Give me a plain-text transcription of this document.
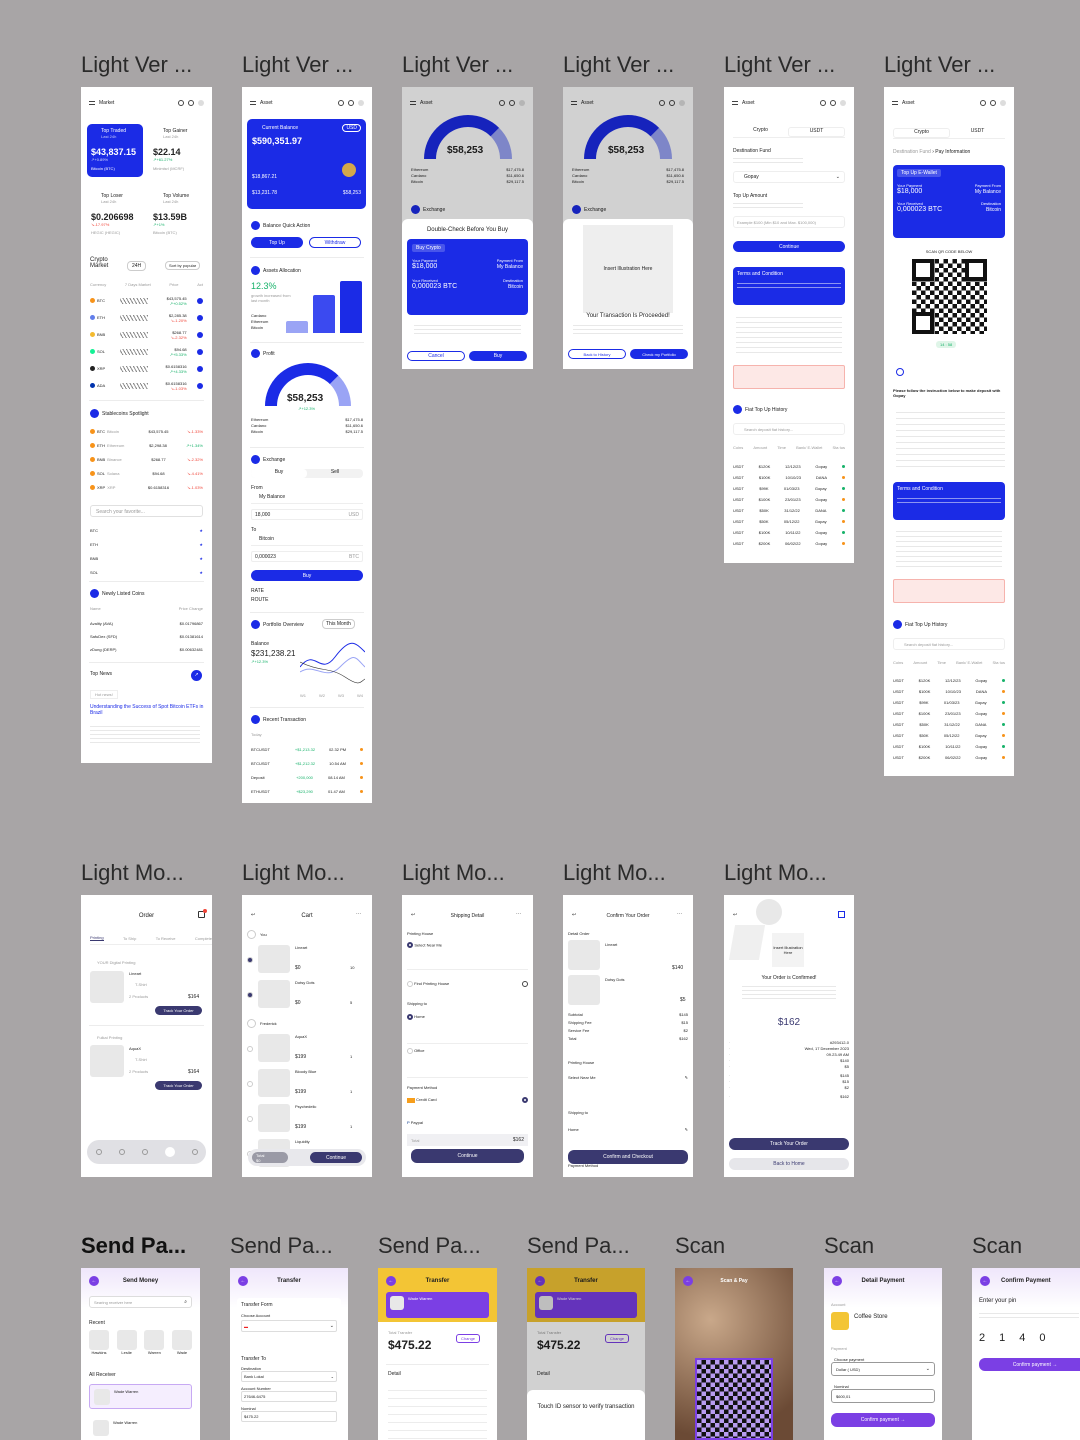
Light Ver ... Light Ver ... Light Ver ... Light Ver ... Light Ver ... Light Ver ...
Market
Top Traded
Last 24h
$43,837.15
↗+0.89%
Bitcoin (BTC)
Top Gainer
Last 24h
$22.14
↗+61.27%
Minimlsrl (MCRF)
Top Loser
Last 24h
$0.206698
↘-17.97%
HEGIC (HEGIC)
Top Volume
Last 24h
$13.59B
↗+1%
Bitcoin (BTC)
Crypto Market	24H	Sort by popular
Currency	7 Days Market	Price	Act
BTC	$43,575.45
↗+0.52%
ETH	$2,285.38
↘-1.20%
BNB	$268.77
↘-2.32%
SOL	$94.68
↗+5.33%
XRP	$0.6158316
↗+4.33%
ADA	$0.6158316
↘-1.03%
Stablecoins Spotlight
BTC Bitcoin	$43,575.45	↘-1.33%
ETH Ethereum	$2,298.38	↗+1.34%
BNB Binance	$268.77	↘-2.32%
SOL Solana	$94.68	↘-4.41%
XRP XRP	$0.6158316	↘-1.03%
Search your favorite...
BTC	★
ETH	★
BNB	★
SOL	★
Newly Listed Coins
Name	Price Change
Avality (AVA)	$0.01796867
SafuDex (SFD)	$0.01381614
zDung (DERP)	$0.00632481
Top News	↗
Hot news!
Understanding the Success of Spot Bitcoin ETFs in Brazil
Asset
Current Balance	USD
$590,351.97
$18,867.21
$13,231.78	$58,253
Balance Quick Action
Top Up	Withdraw
Assets Allocation
12.3%
growth increased from last month
Cardano
Ethereum
Bitcoin
Profit
$58,253
↗+12.3%
Ethereum	$17,475.8
Cardano	$11,650.6
Bitcoin	$29,117.5
Exchange
Buy	Sell
From
My Balance
18,000	USD
To
Bitcoin
0,000023	BTC
Buy
RATE
ROUTE
Portfolio Overview	This Month
Balance
$231,238.21
↗+12.3%
W1	W2	W3	W4
Recent Transaction
Today
BTCUSDT	+$1,213.32	02.32 PM
BTCUSDT	+$1,212.32	10.54 AM
Deposit	+200,000	08.14 AM
ETHUSDT	+$23,290	01.47 AM
Asset
$58,253
Ethereum	$17,475.8
Cardano	$11,650.6
Bitcoin	$29,117.5
Exchange
Double-Check Before You Buy
Buy Crypto
Your Payment	Payment From
$18,000	My Balance
Your Received	Destination
0,000023 BTC	Bitcoin
Cancel	Buy
Asset
$58,253
Ethereum	$17,475.8
Cardano	$11,650.6
Bitcoin	$29,117.5
Exchange
Insert Illustration Here
Your Transaction Is Proceeded!
Back to History	Check my Portfolio
Asset
Crypto	USDT
Destination Fund
Gopay	⌄
Top Up Amount
Example $100 (Min $10 and Max. $100,000)
Continue
Terms and Condition
Fiat Top Up History
Search deposit fiat history...
Coins	Amount	Time	Bank/ E-Wallet	Sta tus
USDT	$120K	12/12/23	Gopay
USDT	$100K	10/10/23	DANA
USDT	$99K	01/03/23	Gopay
USDT	$100K	23/01/23	Gopay
USDT	$50K	31/12/22	DANA
USDT	$50K	05/12/22	Gopay
USDT	$100K	10/11/22	Gopay
USDT	$200K	06/02/22	Gopay
Asset
Crypto	USDT
Destination Fund › Pay Information
Top Up E-Wallet
Your Payment	Payment From
$18,000	My Balance
Your Received	Destination
0,000023 BTC	Bitcoin
SCAN QR CODE BELOW
14 : 58
Please follow the instruction below to make deposit with Gopay
Terms and Condition
Fiat Top Up History
Search deposit fiat history...
Coins	Amount	Time	Bank/ E-Wallet	Sta tus
USDT	$120K	12/12/23	Gopay
USDT	$100K	10/10/23	DANA
USDT	$99K	01/03/23	Gopay
USDT	$100K	23/01/23	Gopay
USDT	$50K	31/12/22	DANA
USDT	$50K	05/12/22	Gopay
USDT	$100K	10/11/22	Gopay
USDT	$200K	06/02/22	Gopay
Light Mo...	Light Mo...	Light Mo...	Light Mo...	Light Mo...
Order
Printing	To Ship	To Receive	Complete
YOUR Digital Printing
Lineart
T-Shirt
2 Products	$164
Track Your Order
Fulkai Printing
AquaX
T-Shirt
2 Products	$164
Track Your Order
↩	Cart	···
You
Lineart
$0	10
Dotsy Dots
$0	5
Frederick
AquaX
$199	1
Bloody Blue
$199	1
Psychedelic
$199	1
Liquidity
Total
$0	Continue
↩	Shipping Detail	···
Printing House
Select Near Me
Find Printing House
Shipping to
Home
Office
Payment Method
Credit Card
P Paypal
Total	$162
Continue
↩	Confirm Your Order	···
Detail Order
Lineart
$140
Dotsy Dots
$5
Subtotal	$145
Shipping Fee	$15
Service Fee	$2
Total	$162
Printing House
Select Near Me	✎
Shipping to
Home	✎
Confirm and Checkout
Payment Method
↩
Insert Illustration Here
Your Order is Confirmed!
$162
·	#293412-0
·	Wed, 17 December 2023
·	09.23.49 AM
·	$140
·	$5
·	$145
·	$15
·	$2
·	$162
Track Your Order
Back to Home
Send Pa... Send Pa... Send Pa... Send Pa... Scan	Scan	Scan
←	Send Money
Searing receiver here	⌕
Recent
Hawkins	Leslie	Warren	Wade
All Receiver
Wade Warren
Wade Warren
←	Transfer
Transfer Form
Choose Account
▬	⌄
Transfer To
Destination
Bank Lokal	⌄
Account Number
27646-6475
Nominal
$475.22
←	Transfer
Wade Warren
Total Transfer
$475.22	Change
Detail
←	Transfer
Wade Warren
Total Transfer
$475.22	Change
Detail
Touch ID sensor to verify transaction
←	Scan & Pay	←	Detail Payment
Account
Coffee Store
Payment
Choose payment
Dollar ( USD)	⌄
Nominal
$600,01
Confirm payment →
←	Confirm Payment
Enter your pin
2 1 4 0
Confirm payment →
